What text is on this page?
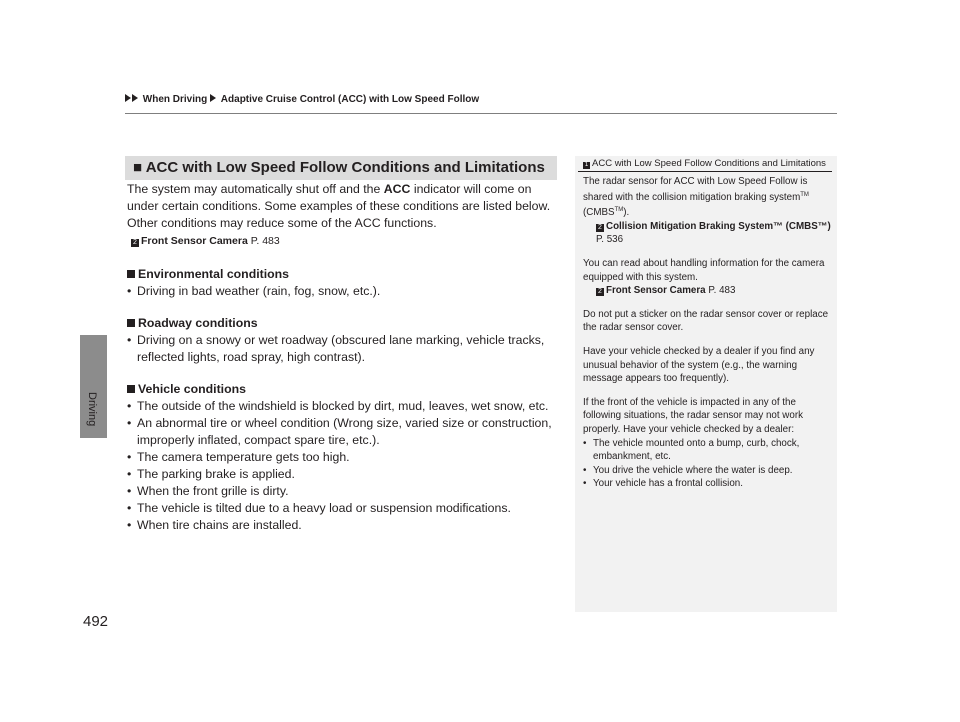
When Driving Adaptive Cruise Control (ACC) with Low Speed Follow
Driving
492
■ ACC with Low Speed Follow Conditions and Limitations
The system may automatically shut off and the ACC indicator will come on under certain conditions. Some examples of these conditions are listed below. Other conditions may reduce some of the ACC functions.
2 Front Sensor Camera P. 483
Environmental conditions
• Driving in bad weather (rain, fog, snow, etc.).
Roadway conditions
• Driving on a snowy or wet roadway (obscured lane marking, vehicle tracks, reflected lights, road spray, high contrast).
Vehicle conditions
• The outside of the windshield is blocked by dirt, mud, leaves, wet snow, etc.
• An abnormal tire or wheel condition (Wrong size, varied size or construction, improperly inflated, compact spare tire, etc.).
• The camera temperature gets too high.
• The parking brake is applied.
• When the front grille is dirty.
• The vehicle is tilted due to a heavy load or suspension modifications.
• When tire chains are installed.
1 ACC with Low Speed Follow Conditions and Limitations

The radar sensor for ACC with Low Speed Follow is shared with the collision mitigation braking system™ (CMBS™).

2 Collision Mitigation Braking System™ (CMBS™) P. 536

You can read about handling information for the camera equipped with this system.

2 Front Sensor Camera P. 483

Do not put a sticker on the radar sensor cover or replace the radar sensor cover.

Have your vehicle checked by a dealer if you find any unusual behavior of the system (e.g., the warning message appears too frequently).

If the front of the vehicle is impacted in any of the following situations, the radar sensor may not work properly. Have your vehicle checked by a dealer:

• The vehicle mounted onto a bump, curb, chock, embankment, etc.
• You drive the vehicle where the water is deep.
• Your vehicle has a frontal collision.
